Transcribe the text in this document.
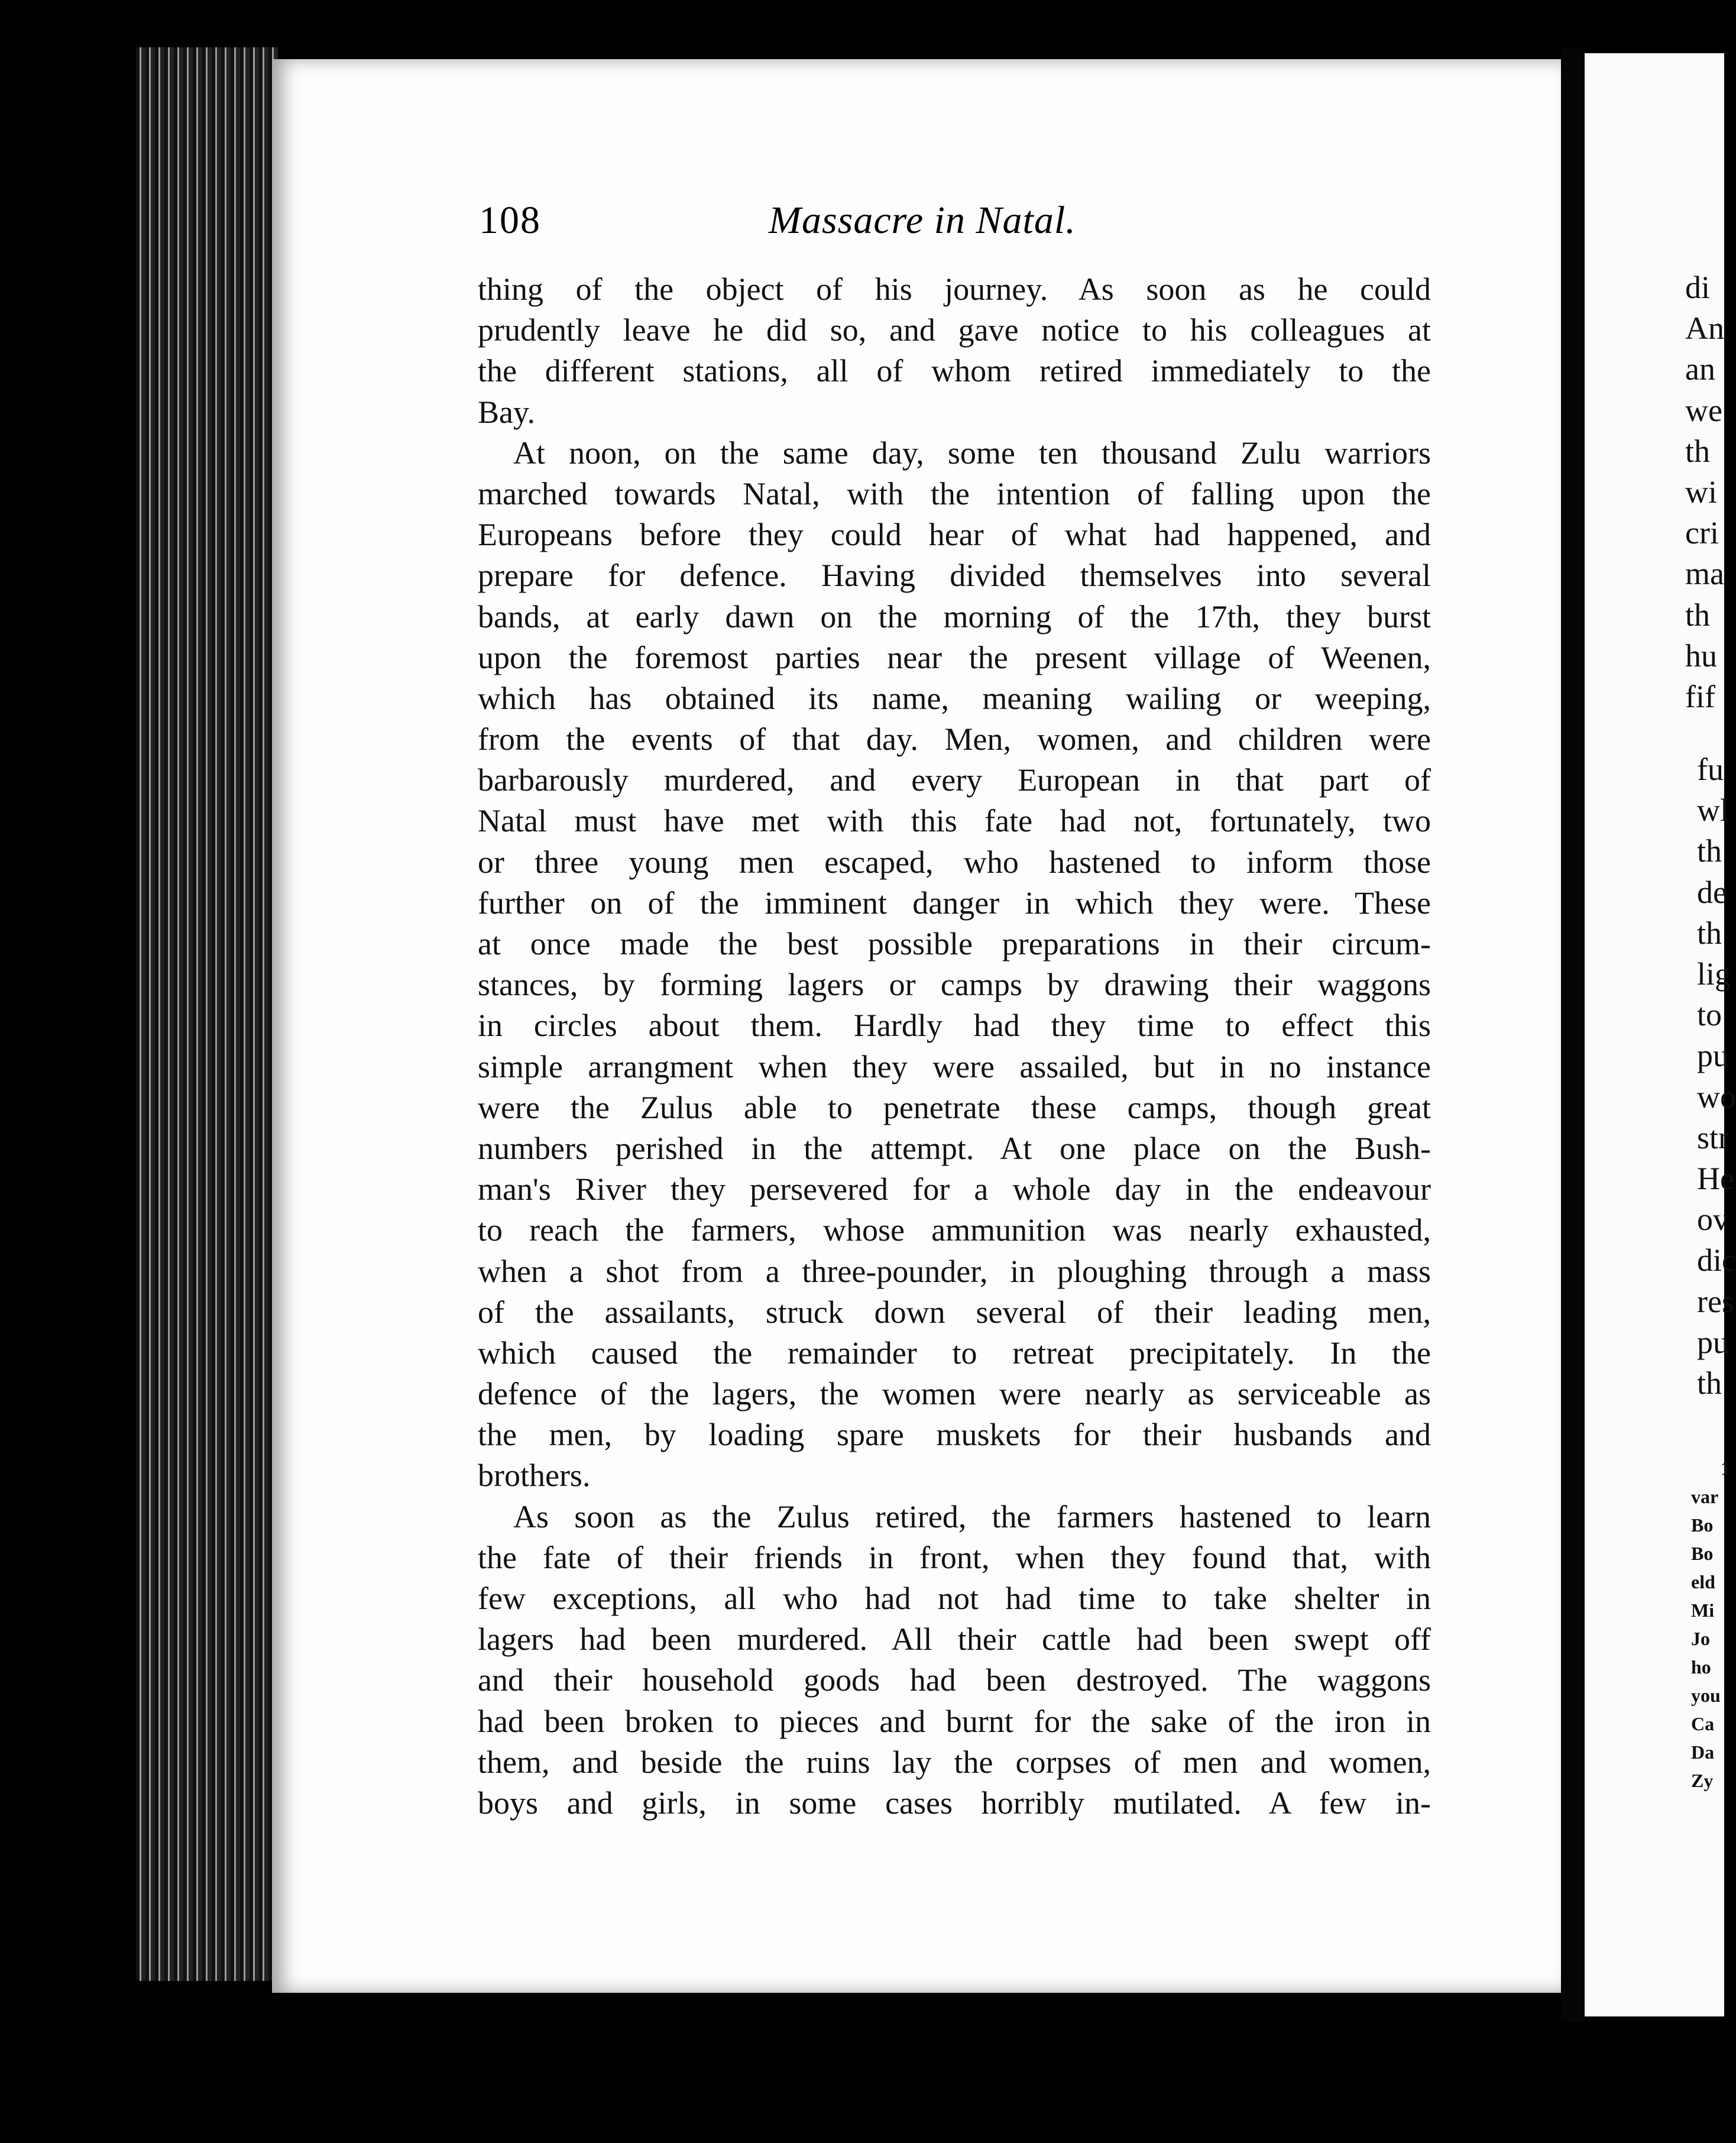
di
An
an
we
th
wi
cri
ma
th
hu
fif
fu
wl
th
de
th
lig
to
pu
wo
str
He
ov
dic
res
pu
th
1
var
Bo
Bo
eld
Mi
Jo
ho
you
Ca
Da
Zy
108	Massacre in Natal.
thing of the object of his journey. As soon as he could
prudently leave he did so, and gave notice to his colleagues at
the different stations, all of whom retired immediately to the
Bay.
At noon, on the same day, some ten thousand Zulu warriors
marched towards Natal, with the intention of falling upon the
Europeans before they could hear of what had happened, and
prepare for defence. Having divided themselves into several
bands, at early dawn on the morning of the 17th, they burst
upon the foremost parties near the present village of Weenen,
which has obtained its name, meaning wailing or weeping,
from the events of that day. Men, women, and children were
barbarously murdered, and every European in that part of
Natal must have met with this fate had not, fortunately, two
or three young men escaped, who hastened to inform those
further on of the imminent danger in which they were. These
at once made the best possible preparations in their circum-
stances, by forming lagers or camps by drawing their waggons
in circles about them. Hardly had they time to effect this
simple arrangment when they were assailed, but in no instance
were the Zulus able to penetrate these camps, though great
numbers perished in the attempt. At one place on the Bush-
man's River they persevered for a whole day in the endeavour
to reach the farmers, whose ammunition was nearly exhausted,
when a shot from a three-pounder, in ploughing through a mass
of the assailants, struck down several of their leading men,
which caused the remainder to retreat precipitately. In the
defence of the lagers, the women were nearly as serviceable as
the men, by loading spare muskets for their husbands and
brothers.
As soon as the Zulus retired, the farmers hastened to learn
the fate of their friends in front, when they found that, with
few exceptions, all who had not had time to take shelter in
lagers had been murdered. All their cattle had been swept off
and their household goods had been destroyed. The waggons
had been broken to pieces and burnt for the sake of the iron in
them, and beside the ruins lay the corpses of men and women,
boys and girls, in some cases horribly mutilated. A few in-
